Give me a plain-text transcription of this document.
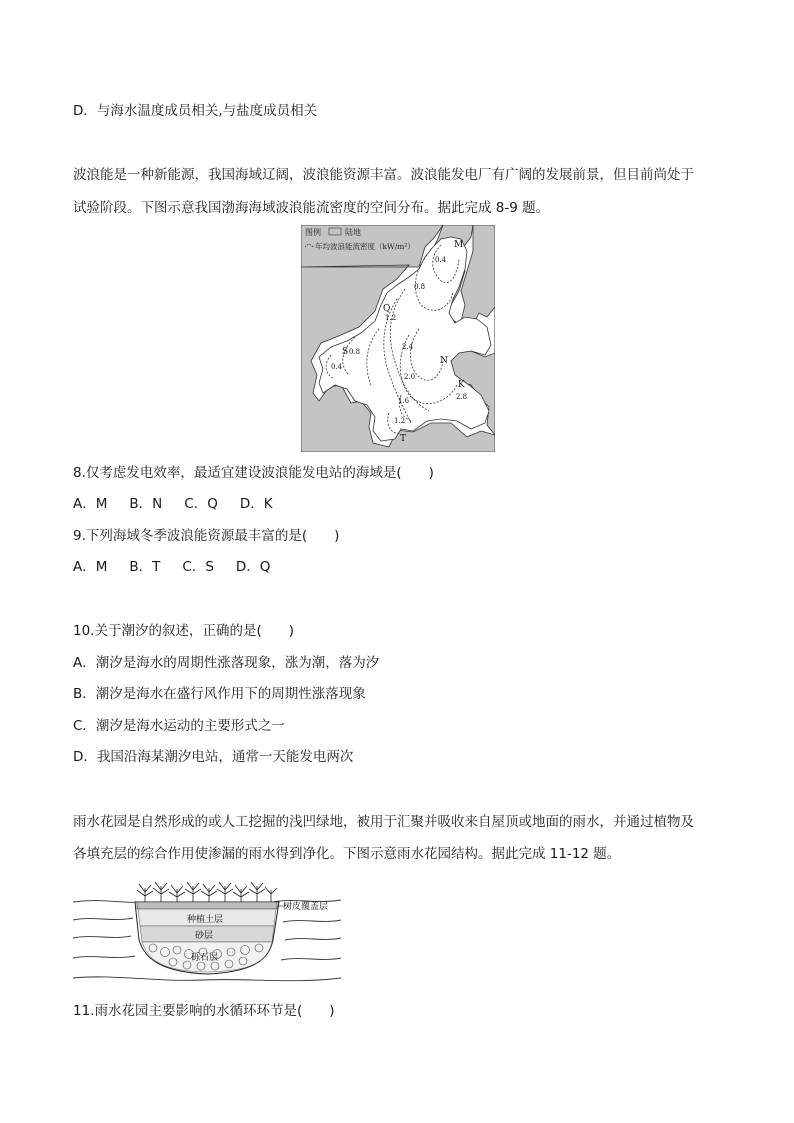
D．与海水温度成员相关,与盐度成员相关
波浪能是一种新能源，我国海域辽阔，波浪能资源丰富。波浪能发电厂有广阔的发展前景，但目前尚处于
试验阶段。下图示意我国渤海海域波浪能流密度的空间分布。据此完成 8-9 题。
图例	陆地
年均波浪能流密度（kW/m²）	M
Q
N
S
K
T
0.4
0.8
1.2
0.8
0.4
2.4
2.0
1.6
1.2
2.8
8.仅考虑发电效率，最适宜建设波浪能发电站的海域是(　　)
A．M B．N C．Q D．K
9.下列海域冬季波浪能资源最丰富的是(　　)
A．M B．T C．S D．Q
10.关于潮汐的叙述，正确的是(　　)
A．潮汐是海水的周期性涨落现象，涨为潮，落为汐
B．潮汐是海水在盛行风作用下的周期性涨落现象
C．潮汐是海水运动的主要形式之一
D．我国沿海某潮汐电站，通常一天能发电两次
雨水花园是自然形成的或人工挖掘的浅凹绿地，被用于汇聚并吸收来自屋顶或地面的雨水，并通过植物及
各填充层的综合作用使渗漏的雨水得到净化。下图示意雨水花园结构。据此完成 11-12 题。
种植土层
砂层
砾石层
树皮覆盖层
11.雨水花园主要影响的水循环环节是(　　)
